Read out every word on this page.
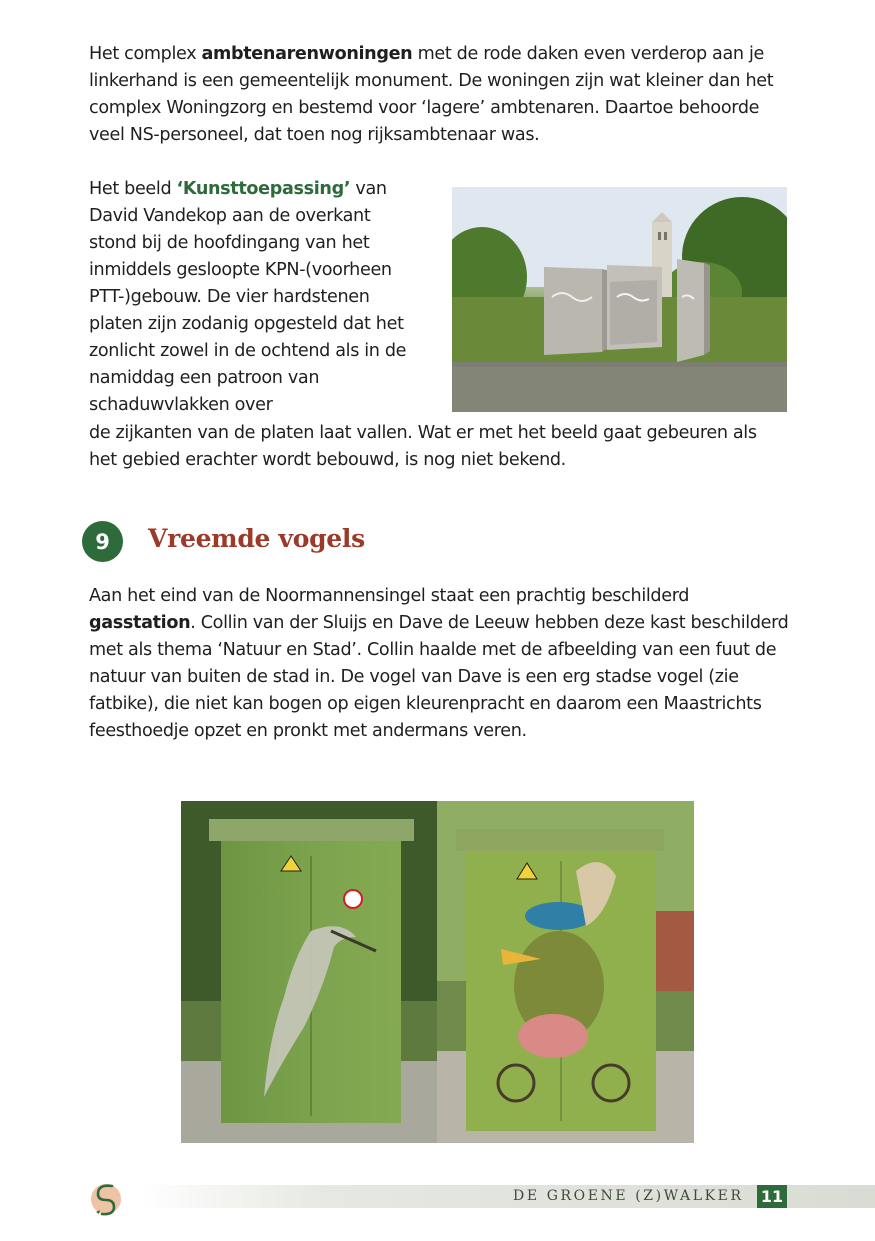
Het complex ambtenarenwoningen met de rode daken even verderop aan je linkerhand is een gemeentelijk monument. De woningen zijn wat kleiner dan het complex Woningzorg en bestemd voor ‘lagere’ ambtenaren. Daartoe behoorde veel NS-personeel, dat toen nog rijksambtenaar was.

Het beeld ‘Kunsttoepassing’ van David Vandekop aan de overkant stond bij de hoofdingang van het inmiddels gesloopte KPN-(voorheen PTT-)gebouw. De vier hardstenen platen zijn zodanig opgesteld dat het zonlicht zowel in de ochtend als in de namiddag een patroon van schaduwvlakken over

de zijkanten van de platen laat vallen. Wat er met het beeld gaat gebeuren als het gebied erachter wordt bebouwd, is nog niet bekend.

9	Vreemde vogels

Aan het eind van de Noormannensingel staat een prachtig beschilderd gasstation. Collin van der Sluijs en Dave de Leeuw hebben deze kast beschilderd met als thema ‘Natuur en Stad’. Collin haalde met de afbeelding van een fuut de natuur van buiten de stad in. De vogel van Dave is een erg stadse vogel (zie fatbike), die niet kan bogen op eigen kleurenpracht en daarom een Maastrichts feesthoedje opzet en pronkt met andermans veren.

DE GROENE (Z)WALKER 11
